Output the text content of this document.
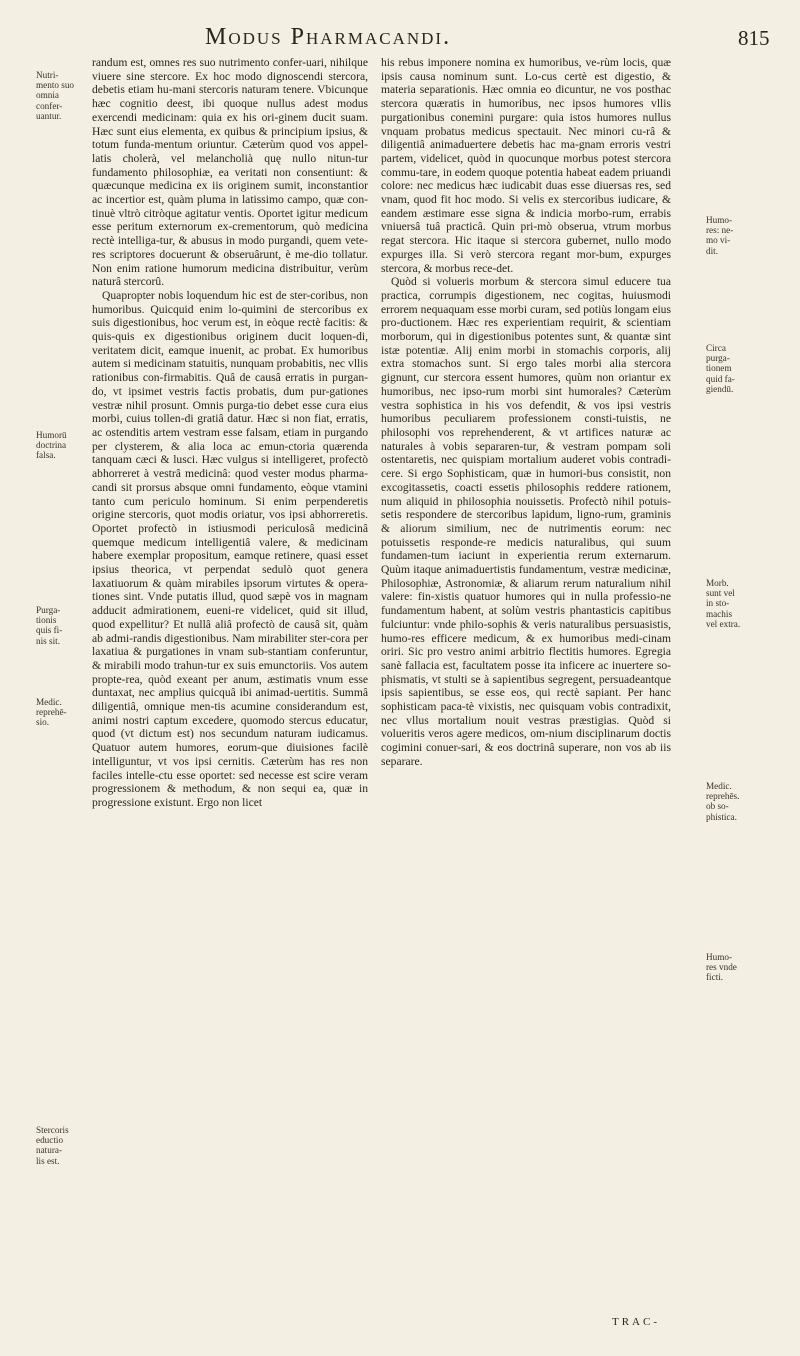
Modus Pharmacandi.	815

randum est, omnes res suo nutrimento confer-uari, nihilque viuere sine stercore. Ex hoc modo dignoscendi stercora, debetis etiam hu-mani stercoris naturam tenere. Vbicunque hæc cognitio deest, ibi quoque nullus adest modus exercendi medicinam: quia ex his ori-ginem ducit suam. Hæc sunt eius elementa, ex quibus & principium ipsius, & totum funda-mentum oriuntur. Cæterùm quod vos appel-latis cholerà, vel melancholià quę nullo nitun-tur fundamento philosophiæ, ea veritati non consentiunt: & quæcunque medicina ex iis originem sumit, inconstantior ac incertior est, quàm pluma in latissimo campo, quæ con-tinuè vltrò citròque agitatur ventis. Oportet igitur medicum esse peritum externorum ex-crementorum, quò medicina rectè intelliga-tur, & abusus in modo purgandi, quem vete-res scriptores docuerunt & obseruârunt, è me-dio tollatur. Non enim ratione humorum medicina distribuitur, verùm naturâ stercorû.

Quapropter nobis loquendum hic est de ster-coribus, non humoribus. Quicquid enim lo-quimini de stercoribus ex suis digestionibus, hoc verum est, in eòque rectè facitis: & quis-quis ex digestionibus originem ducit loquen-di, veritatem dicit, eamque inuenit, ac probat. Ex humoribus autem si medicinam statuitis, nunquam probabitis, nec vllis rationibus con-firmabitis. Quâ de causâ erratis in purgan-do, vt ipsimet vestris factis probatis, dum pur-gationes vestræ nihil prosunt. Omnis purga-tio debet esse cura eius morbi, cuius tollen-di gratiâ datur. Hæc si non fiat, erratis, ac ostenditis artem vestram esse falsam, etiam in purgando per clysterem, & alia loca ac emun-ctoria quærenda tanquam cæci & lusci. Hæc vulgus si intelligeret, profectò abhorreret à vestrâ medicinâ: quod vester modus pharma-candi sit prorsus absque omni fundamento, eòque vtamini tanto cum periculo hominum. Si enim perpenderetis origine stercoris, quot modis oriatur, vos ipsi abhorreretis. Oportet profectò in istiusmodi periculosâ medicinâ quemque medicum intelligentiâ valere, & medicinam habere exemplar propositum, eamque retinere, quasi esset ipsius theorica, vt perpendat sedulò quot genera laxatiuorum & quàm mirabiles ipsorum virtutes & opera-tiones sint. Vnde putatis illud, quod sæpè vos in magnam adducit admirationem, eueni-re videlicet, quid sit illud, quod expellitur? Et nullâ aliâ profectò de causâ sit, quàm ab admi-randis digestionibus. Nam mirabiliter ster-cora per laxatiua & purgationes in vnam sub-stantiam conferuntur, & mirabili modo trahun-tur ex suis emunctoriis. Vos autem propte-rea, quòd exeant per anum, æstimatis vnum esse duntaxat, nec amplius quicquâ ibi animad-uertitis. Summâ diligentiâ, omnique men-tis acumine considerandum est, animi nostri captum excedere, quomodo stercus educatur, quod (vt dictum est) nos secundum naturam iudicamus. Quatuor autem humores, eorum-que diuisiones facilè intelliguntur, vt vos ipsi cernitis. Cæterùm has res non faciles intelle-ctu esse oportet: sed necesse est scire veram progressionem & methodum, & non sequi ea, quæ in progressione existunt. Ergo non licet

his rebus imponere nomina ex humoribus, ve-rùm locis, quæ ipsis causa nominum sunt. Lo-cus certè est digestio, & materia separationis. Hæc omnia eo dicuntur, ne vos posthac stercora quæratis in humoribus, nec ipsos humores vllis purgationibus conemini purgare: quia istos humores nullus vnquam probatus medicus spectauit. Nec minori cu-râ & diligentiâ animaduertere debetis hac ma-gnam erroris vestri partem, videlicet, quòd in quocunque morbus potest stercora commu-tare, in eodem quoque potentia habeat eadem priuandi colore: nec medicus hæc iudicabit duas esse diuersas res, sed vnam, quod fit hoc modo. Si velis ex stercoribus iudicare, & eandem æstimare esse signa & indicia morbo-rum, errabis vniuersâ tuâ practicâ. Quin pri-mò obserua, vtrum morbus regat stercora. Hic itaque si stercora gubernet, nullo modo expurges illa. Si verò stercora regant mor-bum, expurges stercora, & morbus rece-det.

Quòd si volueris morbum & stercora simul educere tua practica, corrumpis digestionem, nec cogitas, huiusmodi errorem nequaquam esse morbi curam, sed potiùs longam eius pro-ductionem. Hæc res experientiam requirit, & scientiam morborum, qui in digestionibus potentes sunt, & quantæ sint istæ potentiæ. Alij enim morbi in stomachis corporis, alij extra stomachos sunt. Si ergo tales morbi alia stercora gignunt, cur stercora essent humores, quùm non oriantur ex humoribus, nec ipso-rum morbi sint humorales? Cæterùm vestra sophistica in his vos defendit, & vos ipsi vestris humoribus peculiarem professionem consti-tuistis, ne philosophi vos reprehenderent, & vt artifices naturæ ac naturales à vobis separaren-tur, & vestram pompam soli ostentaretis, nec quispiam mortalium auderet vobis contradi-cere. Si ergo Sophisticam, quæ in humori-bus consistit, non excogitassetis, coacti essetis philosophis reddere rationem, num aliquid in philosophia nouissetis. Profectò nihil potuis-setis respondere de stercoribus lapidum, ligno-rum, graminis & aliorum similium, nec de nutrimentis eorum: nec potuissetis responde-re medicis naturalibus, qui suum fundamen-tum iaciunt in experientia rerum externarum. Quùm itaque animaduertistis fundamentum, vestræ medicinæ, Philosophiæ, Astronomiæ, & aliarum rerum naturalium nihil valere: fin-xistis quatuor humores qui in nulla professio-ne fundamentum habent, at solùm vestris phantasticis capitibus fulciuntur: vnde philo-sophis & veris naturalibus persuasistis, humo-res efficere medicum, & ex humoribus medi-cinam oriri. Sic pro vestro animi arbitrio flectitis humores. Egregia sanè fallacia est, facultatem posse ita inficere ac inuertere so-phismatis, vt stulti se à sapientibus segregent, persuadeantque ipsis sapientibus, se esse eos, qui rectè sapiant. Per hanc sophisticam paca-tè vixistis, nec quisquam vobis contradixit, nec vllus mortalium nouit vestras præstigias. Quòd si volueritis veros agere medicos, om-nium disciplinarum doctis cogimini conuer-sari, & eos doctrinâ superare, non vos ab iis separare.

Nutri-
mento suo
omnia
confer-
uantur.
Humorū
doctrina
falsa.
Purga-
tionis
quis fi-
nis sit.
Medic.
reprehē-
sio.
Stercoris
eductio
natura-
lis est.
Humo-
res: ne-
mo vi-
dit.
Circa
purga-
tionem
quid fa-
giendū.
Morb.
sunt vel
in sto-
machis
vel extra.
Medic.
reprehēs.
ob so-
phistica.
Humo-
res vnde
ficti.
TRAC-
